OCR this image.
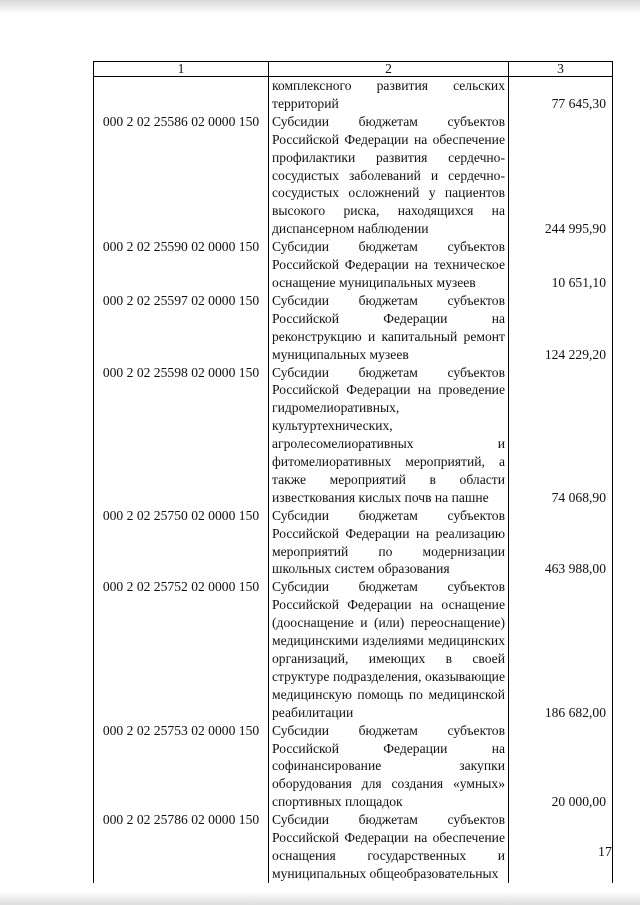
1	2	3
	комплексного развития сельских территорий	77 645,30
000 2 02 25586 02 0000 150	Субсидии бюджетам субъектов Российской Федерации на обеспечение профилактики развития сердечно-сосудистых заболеваний и сердечно-сосудистых осложнений у пациентов высокого риска, находящихся на диспансерном наблюдении	244 995,90
000 2 02 25590 02 0000 150	Субсидии бюджетам субъектов Российской Федерации на техническое оснащение муниципальных музеев	10 651,10
000 2 02 25597 02 0000 150	Субсидии бюджетам субъектов Российской Федерации на реконструкцию и капитальный ремонт муниципальных музеев	124 229,20
000 2 02 25598 02 0000 150	Субсидии бюджетам субъектов Российской Федерации на проведение гидромелиоративных, культуртехнических, агролесомелиоративных и фитомелиоративных мероприятий, а также мероприятий в области известкования кислых почв на пашне	74 068,90
000 2 02 25750 02 0000 150	Субсидии бюджетам субъектов Российской Федерации на реализацию мероприятий по модернизации школьных систем образования	463 988,00
000 2 02 25752 02 0000 150	Субсидии бюджетам субъектов Российской Федерации на оснащение (дооснащение и (или) переоснащение) медицинскими изделиями медицинских организаций, имеющих в своей структуре подразделения, оказывающие медицинскую помощь по медицинской реабилитации	186 682,00
000 2 02 25753 02 0000 150	Субсидии бюджетам субъектов Российской Федерации на софинансирование закупки оборудования для создания «умных» спортивных площадок	20 000,00
000 2 02 25786 02 0000 150	Субсидии бюджетам субъектов Российской Федерации на обеспечение оснащения государственных и муниципальных общеобразовательных	
17
